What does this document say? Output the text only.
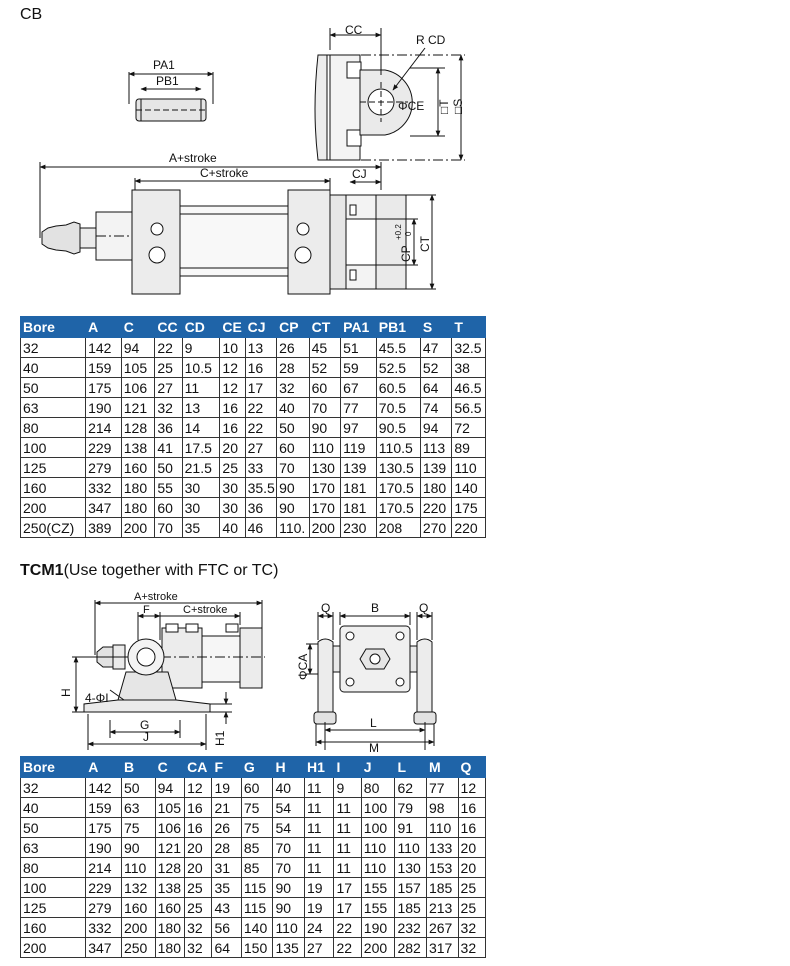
CB
PA1
PB1
CC
R CD
ΦCE □T □S
A+stroke
C+stroke	CJ
CP
+0.2 0
CT
A+stroke
F	C+stroke
H 4-ΦI
G
J	H1
Q	B	Q
ΦCA
L
M
Bore	A	C	CC	CD	CE	CJ	CP	CT	PA1	PB1	S	T
32	142	94	22	9	10	13	26	45	51	45.5	47	32.5
40	159	105	25	10.5	12	16	28	52	59	52.5	52	38
50	175	106	27	11	12	17	32	60	67	60.5	64	46.5
63	190	121	32	13	16	22	40	70	77	70.5	74	56.5
80	214	128	36	14	16	22	50	90	97	90.5	94	72
100	229	138	41	17.5	20	27	60	110	119	110.5	113	89
125	279	160	50	21.5	25	33	70	130	139	130.5	139	110
160	332	180	55	30	30	35.5	90	170	181	170.5	180	140
200	347	180	60	30	30	36	90	170	181	170.5	220	175
250(CZ)	389	200	70	35	40	46	110.	200	230	208	270	220
TCM1(Use together with FTC or TC)
Bore	A	B	C	CA	F	G	H	H1	I	J	L	M	Q
32	142	50	94	12	19	60	40	11	9	80	62	77	12
40	159	63	105	16	21	75	54	11	11	100	79	98	16
50	175	75	106	16	26	75	54	11	11	100	91	110	16
63	190	90	121	20	28	85	70	11	11	110	110	133	20
80	214	110	128	20	31	85	70	11	11	110	130	153	20
100	229	132	138	25	35	115	90	19	17	155	157	185	25
125	279	160	160	25	43	115	90	19	17	155	185	213	25
160	332	200	180	32	56	140	110	24	22	190	232	267	32
200	347	250	180	32	64	150	135	27	22	200	282	317	32
